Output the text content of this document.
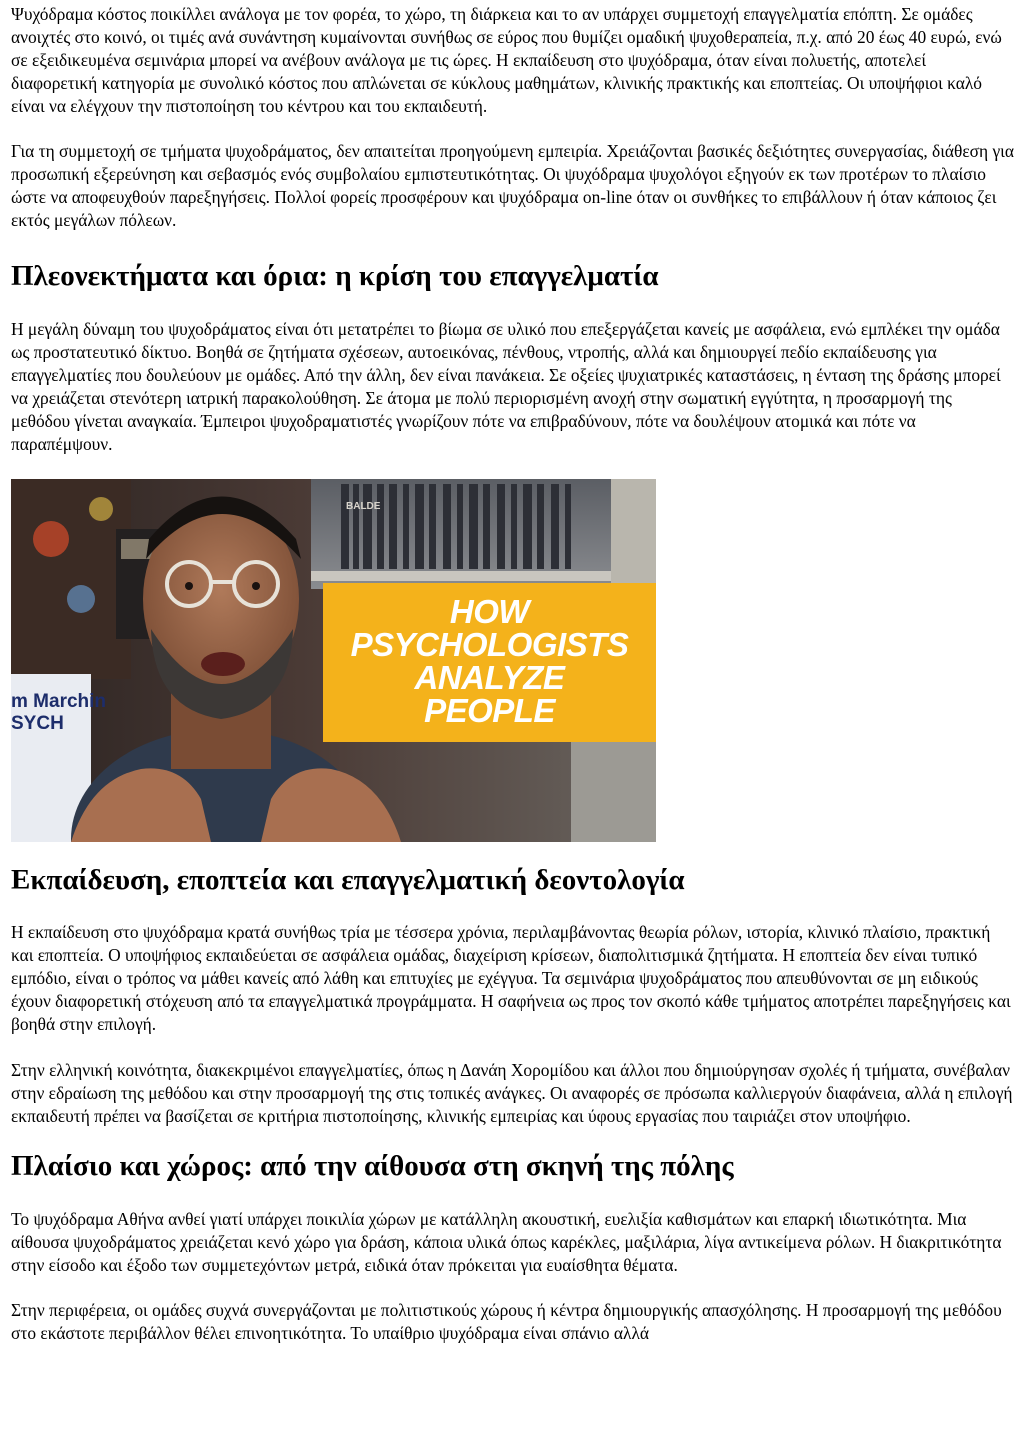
Ψυχόδραμα κόστος ποικίλλει ανάλογα με τον φορέα, το χώρο, τη διάρκεια και το αν υπάρχει συμμετοχή επαγγελματία επόπτη. Σε ομάδες ανοιχτές στο κοινό, οι τιμές ανά συνάντηση κυμαίνονται συνήθως σε εύρος που θυμίζει ομαδική ψυχοθεραπεία, π.χ. από 20 έως 40 ευρώ, ενώ σε εξειδικευμένα σεμινάρια μπορεί να ανέβουν ανάλογα με τις ώρες. Η εκπαίδευση στο ψυχόδραμα, όταν είναι πολυετής, αποτελεί διαφορετική κατηγορία με συνολικό κόστος που απλώνεται σε κύκλους μαθημάτων, κλινικής πρακτικής και εποπτείας. Οι υποψήφιοι καλό είναι να ελέγχουν την πιστοποίηση του κέντρου και του εκπαιδευτή.

Για τη συμμετοχή σε τμήματα ψυχοδράματος, δεν απαιτείται προηγούμενη εμπειρία. Χρειάζονται βασικές δεξιότητες συνεργασίας, διάθεση για προσωπική εξερεύνηση και σεβασμός ενός συμβολαίου εμπιστευτικότητας. Οι ψυχόδραμα ψυχολόγοι εξηγούν εκ των προτέρων το πλαίσιο ώστε να αποφευχθούν παρεξηγήσεις. Πολλοί φορείς προσφέρουν και ψυχόδραμα on-line όταν οι συνθήκες το επιβάλλουν ή όταν κάποιος ζει εκτός μεγάλων πόλεων.

Πλεονεκτήματα και όρια: η κρίση του επαγγελματία

Η μεγάλη δύναμη του ψυχοδράματος είναι ότι μετατρέπει το βίωμα σε υλικό που επεξεργάζεται κανείς με ασφάλεια, ενώ εμπλέκει την ομάδα ως προστατευτικό δίκτυο. Βοηθά σε ζητήματα σχέσεων, αυτοεικόνας, πένθους, ντροπής, αλλά και δημιουργεί πεδίο εκπαίδευσης για επαγγελματίες που δουλεύουν με ομάδες. Από την άλλη, δεν είναι πανάκεια. Σε οξείες ψυχιατρικές καταστάσεις, η ένταση της δράσης μπορεί να χρειάζεται στενότερη ιατρική παρακολούθηση. Σε άτομα με πολύ περιορισμένη ανοχή στην σωματική εγγύτητα, η προσαρμογή της μεθόδου γίνεται αναγκαία. Έμπειροι ψυχοδραματιστές γνωρίζουν πότε να επιβραδύνουν, πότε να δουλέψουν ατομικά και πότε να παραπέμψουν.

BALDE
HOW
PSYCHOLOGISTS
ANALYZE
PEOPLE
m Marchin
SYCH
Εκπαίδευση, εποπτεία και επαγγελματική δεοντολογία

Η εκπαίδευση στο ψυχόδραμα κρατά συνήθως τρία με τέσσερα χρόνια, περιλαμβάνοντας θεωρία ρόλων, ιστορία, κλινικό πλαίσιο, πρακτική και εποπτεία. Ο υποψήφιος εκπαιδεύεται σε ασφάλεια ομάδας, διαχείριση κρίσεων, διαπολιτισμικά ζητήματα. Η εποπτεία δεν είναι τυπικό εμπόδιο, είναι ο τρόπος να μάθει κανείς από λάθη και επιτυχίες με εχέγγυα. Τα σεμινάρια ψυχοδράματος που απευθύνονται σε μη ειδικούς έχουν διαφορετική στόχευση από τα επαγγελματικά προγράμματα. Η σαφήνεια ως προς τον σκοπό κάθε τμήματος αποτρέπει παρεξηγήσεις και βοηθά στην επιλογή.

Στην ελληνική κοινότητα, διακεκριμένοι επαγγελματίες, όπως η Δανάη Χορομίδου και άλλοι που δημιούργησαν σχολές ή τμήματα, συνέβαλαν στην εδραίωση της μεθόδου και στην προσαρμογή της στις τοπικές ανάγκες. Οι αναφορές σε πρόσωπα καλλιεργούν διαφάνεια, αλλά η επιλογή εκπαιδευτή πρέπει να βασίζεται σε κριτήρια πιστοποίησης, κλινικής εμπειρίας και ύφους εργασίας που ταιριάζει στον υποψήφιο.

Πλαίσιο και χώρος: από την αίθουσα στη σκηνή της πόλης

Το ψυχόδραμα Αθήνα ανθεί γιατί υπάρχει ποικιλία χώρων με κατάλληλη ακουστική, ευελιξία καθισμάτων και επαρκή ιδιωτικότητα. Μια αίθουσα ψυχοδράματος χρειάζεται κενό χώρο για δράση, κάποια υλικά όπως καρέκλες, μαξιλάρια, λίγα αντικείμενα ρόλων. Η διακριτικότητα στην είσοδο και έξοδο των συμμετεχόντων μετρά, ειδικά όταν πρόκειται για ευαίσθητα θέματα.

Στην περιφέρεια, οι ομάδες συχνά συνεργάζονται με πολιτιστικούς χώρους ή κέντρα δημιουργικής απασχόλησης. Η προσαρμογή της μεθόδου στο εκάστοτε περιβάλλον θέλει επινοητικότητα. Το υπαίθριο ψυχόδραμα είναι σπάνιο αλλά
